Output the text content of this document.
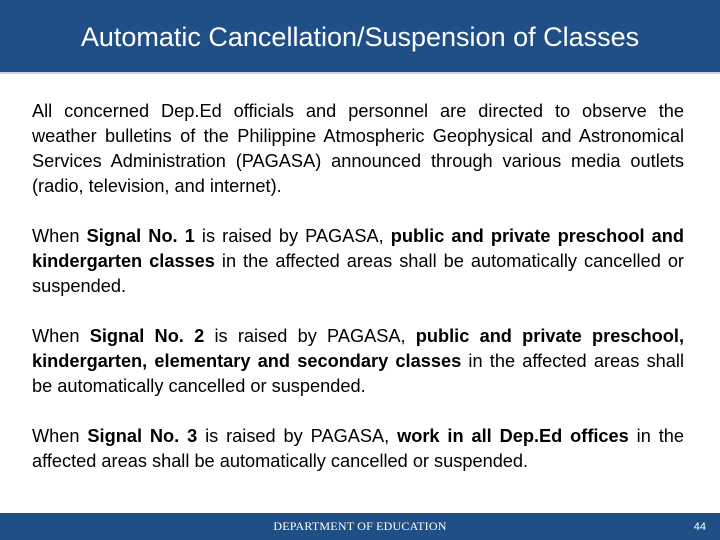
Automatic Cancellation/Suspension of Classes

All concerned Dep.Ed officials and personnel are directed to observe the weather bulletins of the Philippine Atmospheric Geophysical and Astronomical Services Administration (PAGASA) announced through various media outlets (radio, television, and internet).

When Signal No. 1 is raised by PAGASA, public and private preschool and kindergarten classes in the affected areas shall be automatically cancelled or suspended.

When Signal No. 2 is raised by PAGASA, public and private preschool, kindergarten, elementary and secondary classes in the affected areas shall be automatically cancelled or suspended.

When Signal No. 3 is raised by PAGASA, work in all Dep.Ed offices in the affected areas shall be automatically cancelled or suspended.

DEPARTMENT OF EDUCATION	44
